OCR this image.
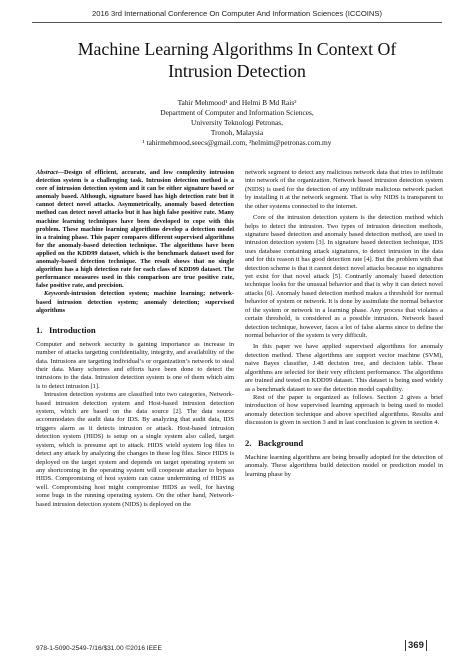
2016 3rd International Conference On Computer And Information Sciences (ICCOINS)
Machine Learning Algorithms In Context Of
Intrusion Detection
Tahir Mehmood¹ and Helmi B Md Rais²
Department of Computer and Information Sciences,
University Teknologi Petronas,
Tronoh, Malaysia
¹ tahirmehmood.seecs@gmail.com, ²helmim@petronas.com.my

Abstract—Design of efficient, accurate, and low complexity intrusion detection system is a challenging task. Intrusion detection method is a core of intrusion detection system and it can be either signature based or anomaly based. Although, signature based has high detection rate but it cannot detect novel attacks. Asymmetrically, anomaly based detection method can detect novel attacks but it has high false positive rate. Many machine learning techniques have been developed to cope with this problem. These machine learning algorithms develop a detection model in a training phase. This paper compares different supervised algorithms for the anomaly-based detection technique. The algorithms have been applied on the KDD99 dataset, which is the benchmark dataset used for anomaly-based detection technique. The result shows that no single algorithm has a high detection rate for each class of KDD99 dataset. The performance measures used in this comparison are true positive rate, false positive rate, and precision.

Keywords-intrusion detection system; machine learning; network-based intrusion detection system; anomaly detection; supervised algorithms

1. Introduction

Computer and network security is gaining importance as increase in number of attacks targeting confidentiality, integrity, and availability of the data. Intrusions are targeting individual’s or organization’s network to steal their data. Many schemes and efforts have been done to detect the intrusions to the data. Intrusion detection system is one of them which aim is to detect intrusion [1].

Intrusion detection systems are classified into two categories, Network-based intrusion detection system and Host-based intrusion detection system, which are based on the data source [2]. The data source accommodates the audit data for IDS. By analyzing that audit data, IDS triggers alarm as it detects intrusion or attack. Host-based intrusion detection system (HIDS) is setup on a single system also called, target system, which is presume apt to attack. HIDS wield system log files to detect any attack by analyzing the changes in these log files. Since HIDS is deployed on the target system and depends on target operating system so any shortcoming in the operating system will cooperate attacker to bypass HIDS. Compromising of host system can cause undermining of HIDS as well. Compromising host might compromise HIDS as well, for having some bugs in the running operating system. On the other hand, Network-based intrusion detection system (NIDS) is deployed on the

network segment to detect any malicious network data that tries to infiltrate into network of the organization. Network based intrusion detection system (NIDS) is used for the detection of any infiltrate malicious network packet by installing it at the network segment. That is why NIDS is transparent to the other systems connected to the internet.

Core of the intrusion detection system is the detection method which helps to detect the intrusion. Two types of intrusion detection methods, signature based detection and anomaly based detection method, are used in intrusion detection system [3]. In signature based detection technique, IDS uses database containing attack signatures, to detect intrusion in the data and for this reason it has good detection rate [4]. But the problem with that detection scheme is that it cannot detect novel attacks because no signatures yet exist for that novel attack [5]. Contrarily anomaly based detection technique looks for the unusual behavior and that is why it can detect novel attacks [6]. Anomaly based detection method makes a threshold for normal behavior of system or network. It is done by assimilate the normal behavior of the system or network in a learning phase. Any process that violates a certain threshold, is considered as a possible intrusion. Network based detection technique, however, faces a lot of false alarms since to define the normal behavior of the system is very difficult.

In this paper we have applied supervised algorithms for anomaly detection method. These algorithms are support vector machine (SVM), naive Bayes classifier, J.48 decision tree, and decision table. These algorithms are selected for their very efficient performance. The algorithms are trained and tested on KDD99 dataset. This dataset is being used widely as a benchmark dataset to see the detection model capability.

Rest of the paper is organized as follows. Section 2 gives a brief introduction of how supervised learning approach is being used to model anomaly detection technique and above specified algorithms. Results and discussion is given in section 3 and in last conclusion is given in section 4.

2. Background

Machine learning algorithms are being broadly adopted for the detection of anomaly. These algorithms build detection model or prediction model in learning phase by

978-1-5090-2549-7/16/$31.00 ©2016 IEEE	369
